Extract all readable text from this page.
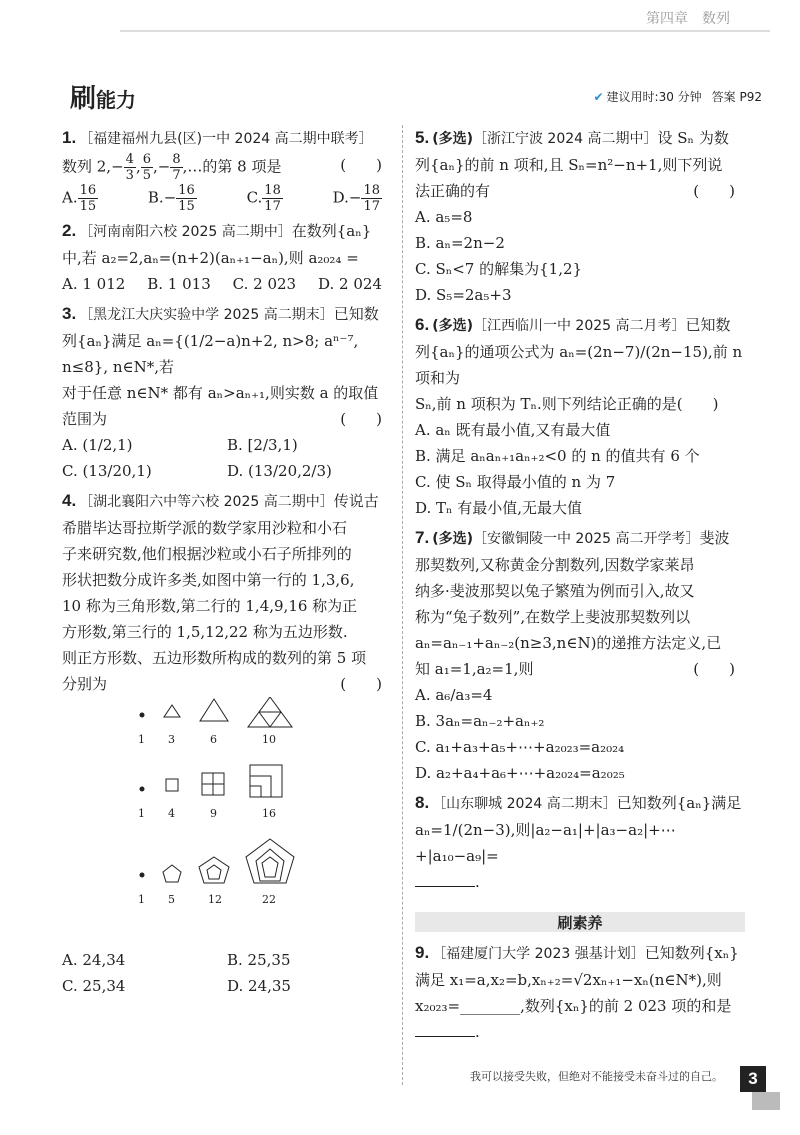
第四章　数列
刷能力	✔ 建议用时:30 分钟 答案 P92
1. ［福建福州九县(区)一中 2024 高二期中联考］
数列 $2,- \frac{4}{3}$ , $\frac{6}{5}$ ,− $\frac{8}{7}$ ,…的第 8 项是	(　　)
A. $\frac{16}{15}$	$B.- \frac{16}{15}$	C. $\frac{18}{17}$	$D.- \frac{18}{17}$
2. ［河南南阳六校 2025 高二期中］在数列{aₙ}
中,若 a₂=2,aₙ=(n+2)(aₙ₊₁−aₙ),则 a₂₀₂₄ =
A. 1 012 B. 1 013 C. 2 023 D. 2 024
3. ［黑龙江大庆实验中学 2025 高二期末］已知数
列{aₙ}满足 aₙ={(1/2−a)n+2, n>8; aⁿ⁻⁷, n≤8}, n∈N*,若
对于任意 n∈N* 都有 aₙ>aₙ₊₁,则实数 a 的取值
范围为	(　　)
A. (1/2,1)	B. [2/3,1)
C. (13/20,1)	D. (13/20,2/3)
4. ［湖北襄阳六中等六校 2025 高二期中］传说古
希腊毕达哥拉斯学派的数学家用沙粒和小石
子来研究数,他们根据沙粒或小石子所排列的
形状把数分成许多类,如图中第一行的 1,3,6,
10 称为三角形数,第二行的 1,4,9,16 称为正
方形数,第三行的 1,5,12,22 称为五边形数.
则正方形数、五边形数所构成的数列的第 5 项
分别为	(　　)
1 3	6	10
1 4	9	16
1 5	12	22
A. 24,34	B. 25,35
C. 25,34	D. 24,35
5. (多选)［浙江宁波 2024 高二期中］设 Sₙ 为数
列{aₙ}的前 n 项和,且 Sₙ=n²−n+1,则下列说
法正确的有	(　　)
A. a₅=8
B. aₙ=2n−2
C. Sₙ<7 的解集为{1,2}
D. S₅=2a₅+3
6. (多选)［江西临川一中 2025 高二月考］已知数
列{aₙ}的通项公式为 aₙ=(2n−7)/(2n−15),前 n 项和为
Sₙ,前 n 项积为 Tₙ.则下列结论正确的是(　　)
A. aₙ 既有最小值,又有最大值
B. 满足 aₙaₙ₊₁aₙ₊₂<0 的 n 的值共有 6 个
C. 使 Sₙ 取得最小值的 n 为 7
D. Tₙ 有最小值,无最大值
7. (多选)［安徽铜陵一中 2025 高二开学考］斐波
那契数列,又称黄金分割数列,因数学家莱昂
纳多·斐波那契以兔子繁殖为例而引入,故又
称为“兔子数列”,在数学上斐波那契数列以
aₙ=aₙ₋₁+aₙ₋₂(n≥3,n∈N)的递推方法定义,已
知 a₁=1,a₂=1,则	(　　)
A. a₆/a₃=4
B. 3aₙ=aₙ₋₂+aₙ₊₂
C. a₁+a₃+a₅+⋯+a₂₀₂₃=a₂₀₂₄
D. a₂+a₄+a₆+⋯+a₂₀₂₄=a₂₀₂₅
8. ［山东聊城 2024 高二期末］已知数列{aₙ}满足
aₙ=1/(2n−3),则|a₂−a₁|+|a₃−a₂|+⋯+|a₁₀−a₉|=
.
刷素养
9. ［福建厦门大学 2023 强基计划］已知数列{xₙ}
满足 x₁=a,x₂=b,xₙ₊₂=√2xₙ₊₁−xₙ(n∈N*),则
x₂₀₂₃=________,数列{xₙ}的前 2 023 项的和是
.
我可以接受失败，但绝对不能接受未奋斗过的自己。	3
